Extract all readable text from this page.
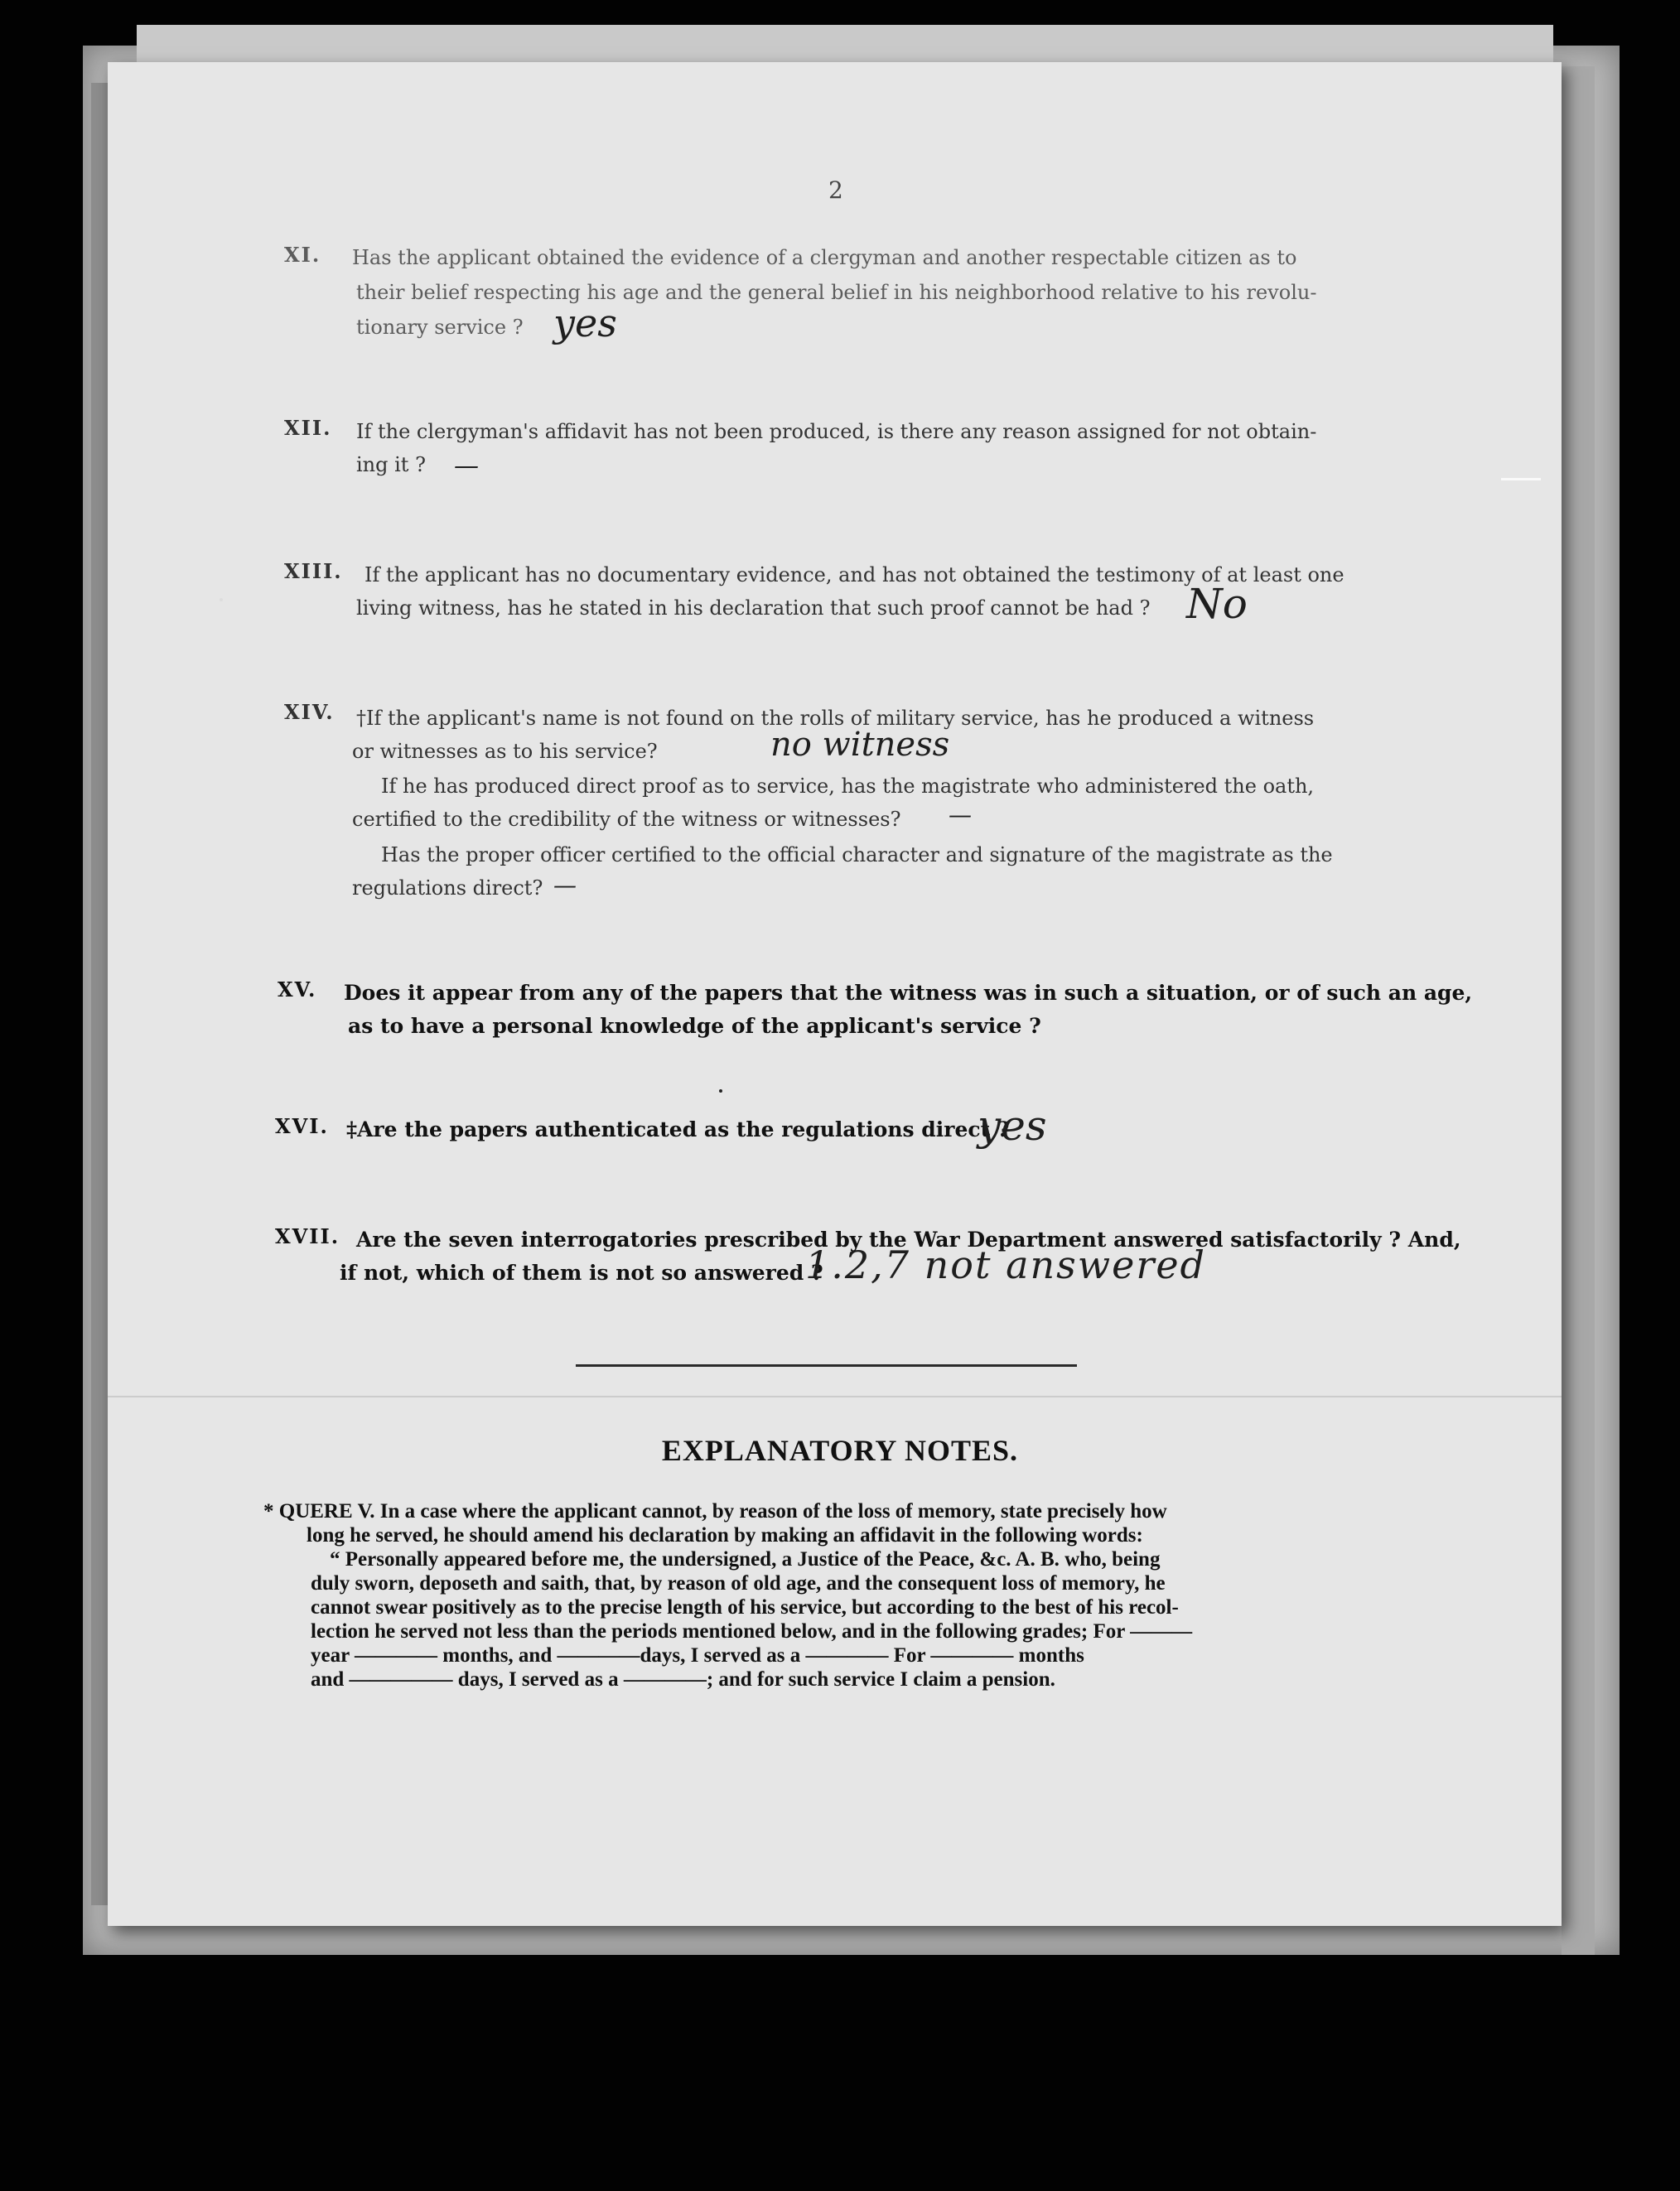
2
XI. Has the applicant obtained the evidence of a clergyman and another respectable citizen as to
their belief respecting his age and the general belief in his neighborhood relative to his revolu-
tionary service ? yes
XII. If the clergyman's affidavit has not been produced, is there any reason assigned for not obtain-
ing it ? —
XIII. If the applicant has no documentary evidence, and has not obtained the testimony of at least one
living witness, has he stated in his declaration that such proof cannot be had ? No
XIV. †If the applicant's name is not found on the rolls of military service, has he produced a witness
or witnesses as to his service?	no witness
If he has produced direct proof as to service, has the magistrate who administered the oath,
certified to the credibility of the witness or witnesses? —
Has the proper officer certified to the official character and signature of the magistrate as the
regulations direct? —
XV. Does it appear from any of the papers that the witness was in such a situation, or of such an age,
as to have a personal knowledge of the applicant's service ?
XVI. ‡Are the papers authenticated as the regulations direct ?
yes
XVII. Are the seven interrogatories prescribed by the War Department answered satisfactorily ? And,
if not, which of them is not so answered ?
1.2,7 not answered
EXPLANATORY NOTES.
* QUERE V. In a case where the applicant cannot, by reason of the loss of memory, state precisely how
long he served, he should amend his declaration by making an affidavit in the following words:
“ Personally appeared before me, the undersigned, a Justice of the Peace, &c. A. B. who, being
duly sworn, deposeth and saith, that, by reason of old age, and the consequent loss of memory, he
cannot swear positively as to the precise length of his service, but according to the best of his recol-
lection he served not less than the periods mentioned below, and in the following grades; For ———
year ———— months, and ————days, I served as a ———— For ———— months
and ————— days, I served as a ————; and for such service I claim a pension.
